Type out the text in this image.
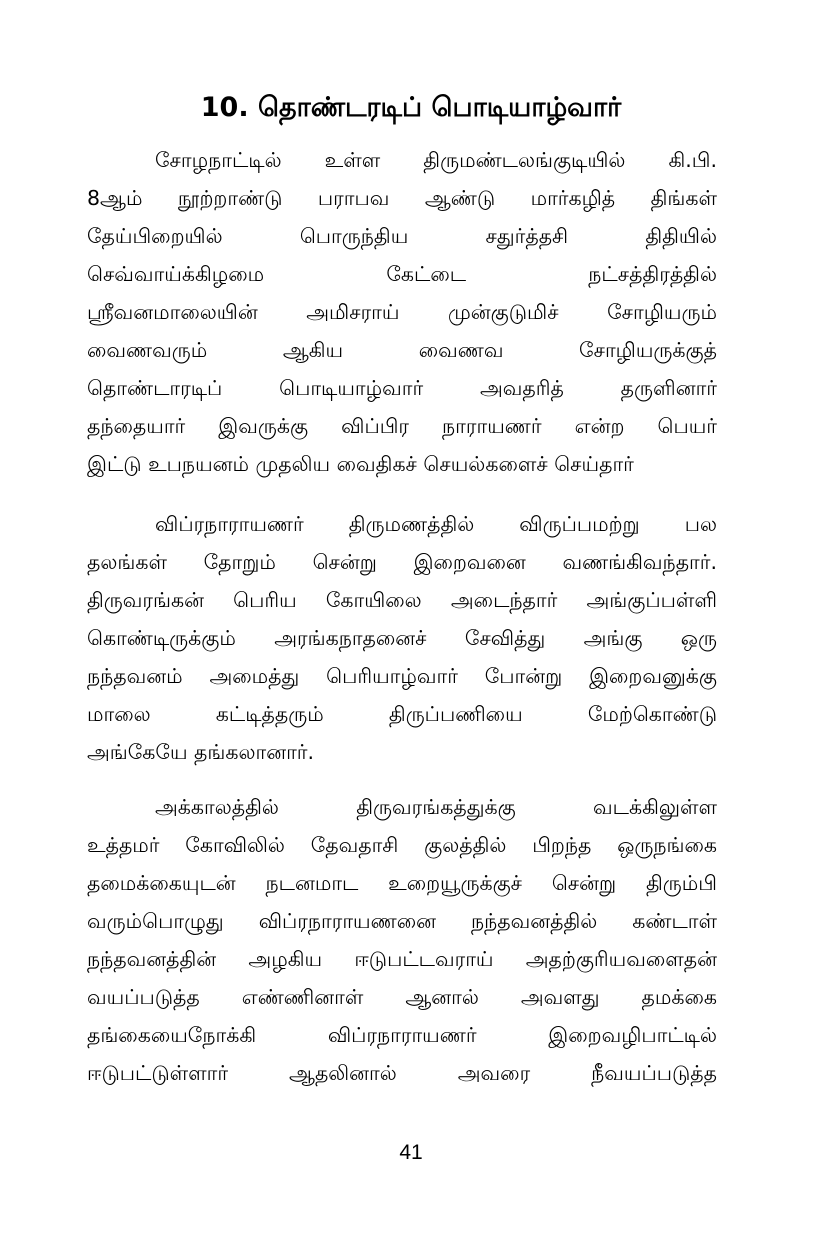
10. தொண்டரடிப் பொடியாழ்வார்
சோழநாட்டில் உள்ள திருமண்டலங்குடியில் கி.பி.
8ஆம் நூற்றாண்டு பராபவ ஆண்டு மார்கழித் திங்கள்
தேய்பிறையில் பொருந்திய சதுர்த்தசி திதியில்
செவ்வாய்க்கிழமை கேட்டை நட்சத்திரத்தில்
ஸ்ரீவனமாலையின் அமிசராய் முன்குடுமிச் சோழியரும்
வைணவரும் ஆகிய வைணவ சோழியருக்குத்
தொண்டாரடிப் பொடியாழ்வார் அவதரித் தருளினார்
தந்தையார் இவருக்கு விப்பிர நாராயணர் என்ற பெயர்
இட்டு உபநயனம் முதலிய வைதிகச் செயல்களைச் செய்தார்
விப்ரநாராயணர் திருமணத்தில் விருப்பமற்று பல
தலங்கள் தோறும் சென்று இறைவனை வணங்கிவந்தார்.
திருவரங்கன் பெரிய கோயிலை அடைந்தார் அங்குப்பள்ளி
கொண்டிருக்கும் அரங்கநாதனைச் சேவித்து அங்கு ஒரு
நந்தவனம் அமைத்து பெரியாழ்வார் போன்று இறைவனுக்கு
மாலை கட்டித்தரும் திருப்பணியை மேற்கொண்டு
அங்கேயே தங்கலானார்.
அக்காலத்தில் திருவரங்கத்துக்கு வடக்கிலுள்ள
உத்தமர் கோவிலில் தேவதாசி குலத்தில் பிறந்த ஒருநங்கை
தமைக்கையுடன் நடனமாட உறையூருக்குச் சென்று திரும்பி
வரும்பொழுது விப்ரநாராயணனை நந்தவனத்தில் கண்டாள்
நந்தவனத்தின் அழகிய ஈடுபட்டவராய் அதற்குரியவளைதன்
வயப்படுத்த எண்ணினாள் ஆனால் அவளது தமக்கை
தங்கையைநோக்கி விப்ரநாராயணர் இறைவழிபாட்டில்
ஈடுபட்டுள்ளார் ஆதலினால் அவரை நீவயப்படுத்த
41
